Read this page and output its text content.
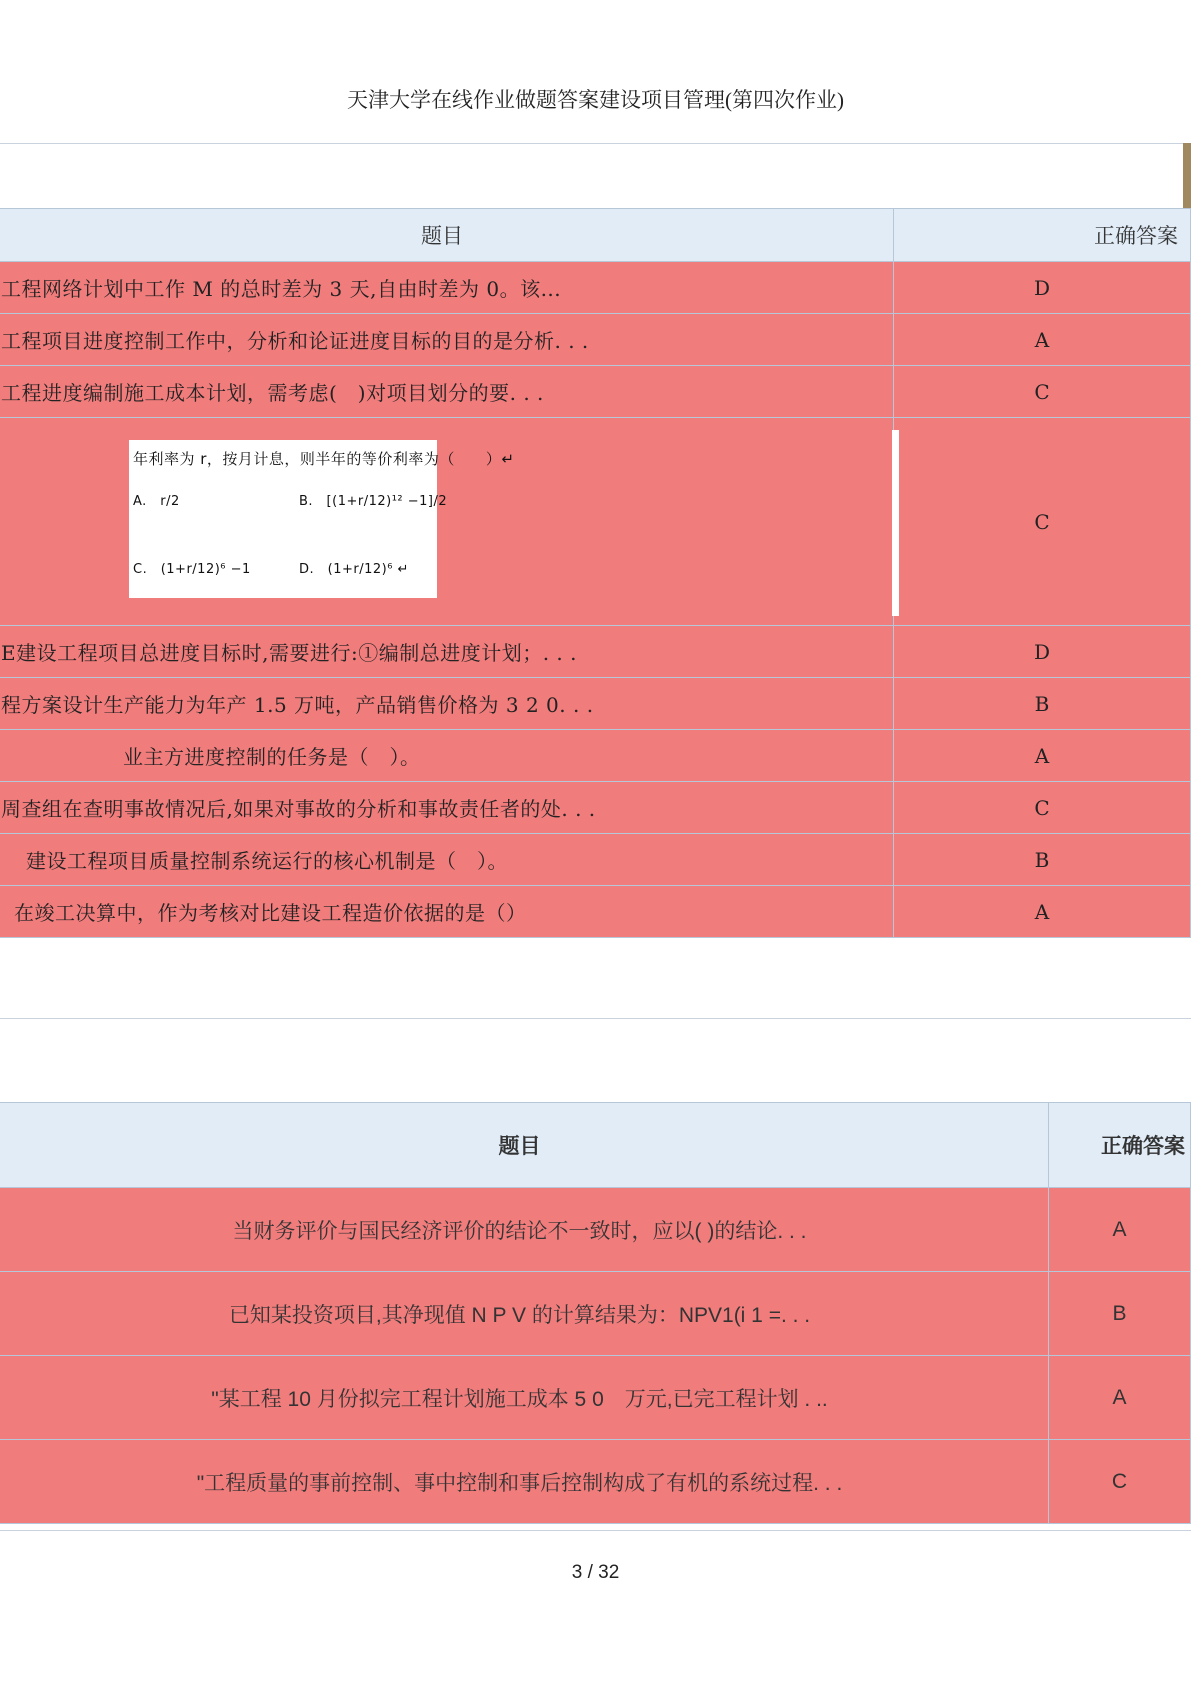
天津大学在线作业做题答案建设项目管理(第四次作业)
题目	正确答案
工程网络计划中工作 M 的总时差为 3 天,自由时差为 0。该...	D
工程项目进度控制工作中，分析和论证进度目标的目的是分析. . .	A
工程进度编制施工成本计划，需考虑(　)对项目划分的要. . .	C

年利率为 r，按月计息，则半年的等价利率为（　　）↵
A.　r/2 B.　[(1+r/12)¹² −1]/2
C.　(1+r/12)⁶ −1 D.　(1+r/12)⁶ ↵	C
E建设工程项目总进度目标时,需要进行:①编制总进度计划；. . .	D
程方案设计生产能力为年产 1.5 万吨，产品销售价格为 3 2 0. . .	B
业主方进度控制的任务是（　）。	A
周查组在查明事故情况后,如果对事故的分析和事故责任者的处. . .	C
建设工程项目质量控制系统运行的核心机制是（　）。	B
在竣工决算中，作为考核对比建设工程造价依据的是（）	A
题目	正确答案
当财务评价与国民经济评价的结论不一致时，应以( )的结论. . .	A
已知某投资项目,其净现值 N P V 的计算结果为：NPV1(i 1 =. . .	B
"某工程 10 月份拟完工程计划施工成本 5 0　万元,已完工程计划 . ..	A
"工程质量的事前控制、事中控制和事后控制构成了有机的系统过程. . .	C
3 / 32
